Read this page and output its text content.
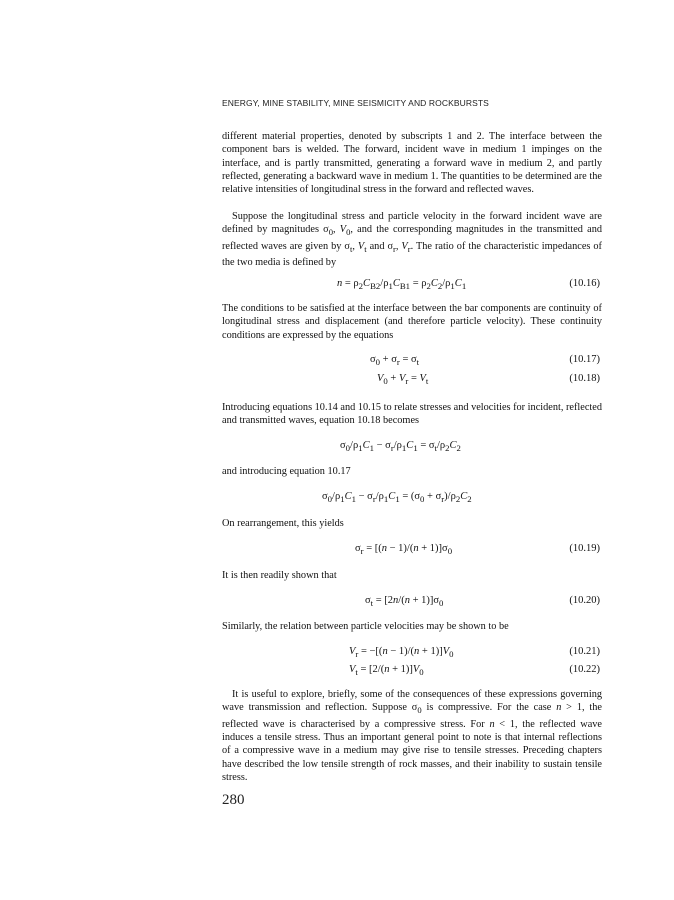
ENERGY, MINE STABILITY, MINE SEISMICITY AND ROCKBURSTS

different material properties, denoted by subscripts 1 and 2. The interface between the component bars is welded. The forward, incident wave in medium 1 impinges on the interface, and is partly transmitted, generating a forward wave in medium 2, and partly reflected, generating a backward wave in medium 1. The quantities to be determined are the relative intensities of longitudinal stress in the forward and reflected waves.

Suppose the longitudinal stress and particle velocity in the forward incident wave are defined by magnitudes $\sigma_0$, $V_0$, and the corresponding magnitudes in the transmitted and reflected waves are given by $\sigma_t$, $V_t$ and $\sigma_r$, $V_r$. The ratio of the characteristic impedances of the two media is defined by

$n = \rho_2C_{B2}/\rho_1C_{B1} = \rho_2C_2/\rho_1C_1$	(10.16)

The conditions to be satisfied at the interface between the bar components are continuity of longitudinal stress and displacement (and therefore particle velocity). These continuity conditions are expressed by the equations

$\sigma_0 + \sigma_r = \sigma_t$	(10.17)
$V_0 + V_r = V_t$	(10.18)

Introducing equations 10.14 and 10.15 to relate stresses and velocities for incident, reflected and transmitted waves, equation 10.18 becomes

$\sigma_0/\rho_1C_1 - \sigma_r/\rho_1C_1 = \sigma_t/\rho_2C_2$

and introducing equation 10.17

$\sigma_0/\rho_1C_1 - \sigma_r/\rho_1C_1 = (\sigma_0 + \sigma_r)/\rho_2C_2$

On rearrangement, this yields

$\sigma_r = [(n - 1)/(n + 1)]\sigma_0$	(10.19)

It is then readily shown that

$\sigma_t = [2n/(n + 1)]\sigma_0$	(10.20)

Similarly, the relation between particle velocities may be shown to be

$V_r = -[(n - 1)/(n + 1)]V_0$	(10.21)
$V_t = [2/(n + 1)]V_0$	(10.22)

It is useful to explore, briefly, some of the consequences of these expressions governing wave transmission and reflection. Suppose $\sigma_0$ is compressive. For the case n > 1, the reflected wave is characterised by a compressive stress. For n < 1, the reflected wave induces a tensile stress. Thus an important general point to note is that internal reflections of a compressive wave in a medium may give rise to tensile stresses. Preceding chapters have described the low tensile strength of rock masses, and their inability to sustain tensile stress.

280
